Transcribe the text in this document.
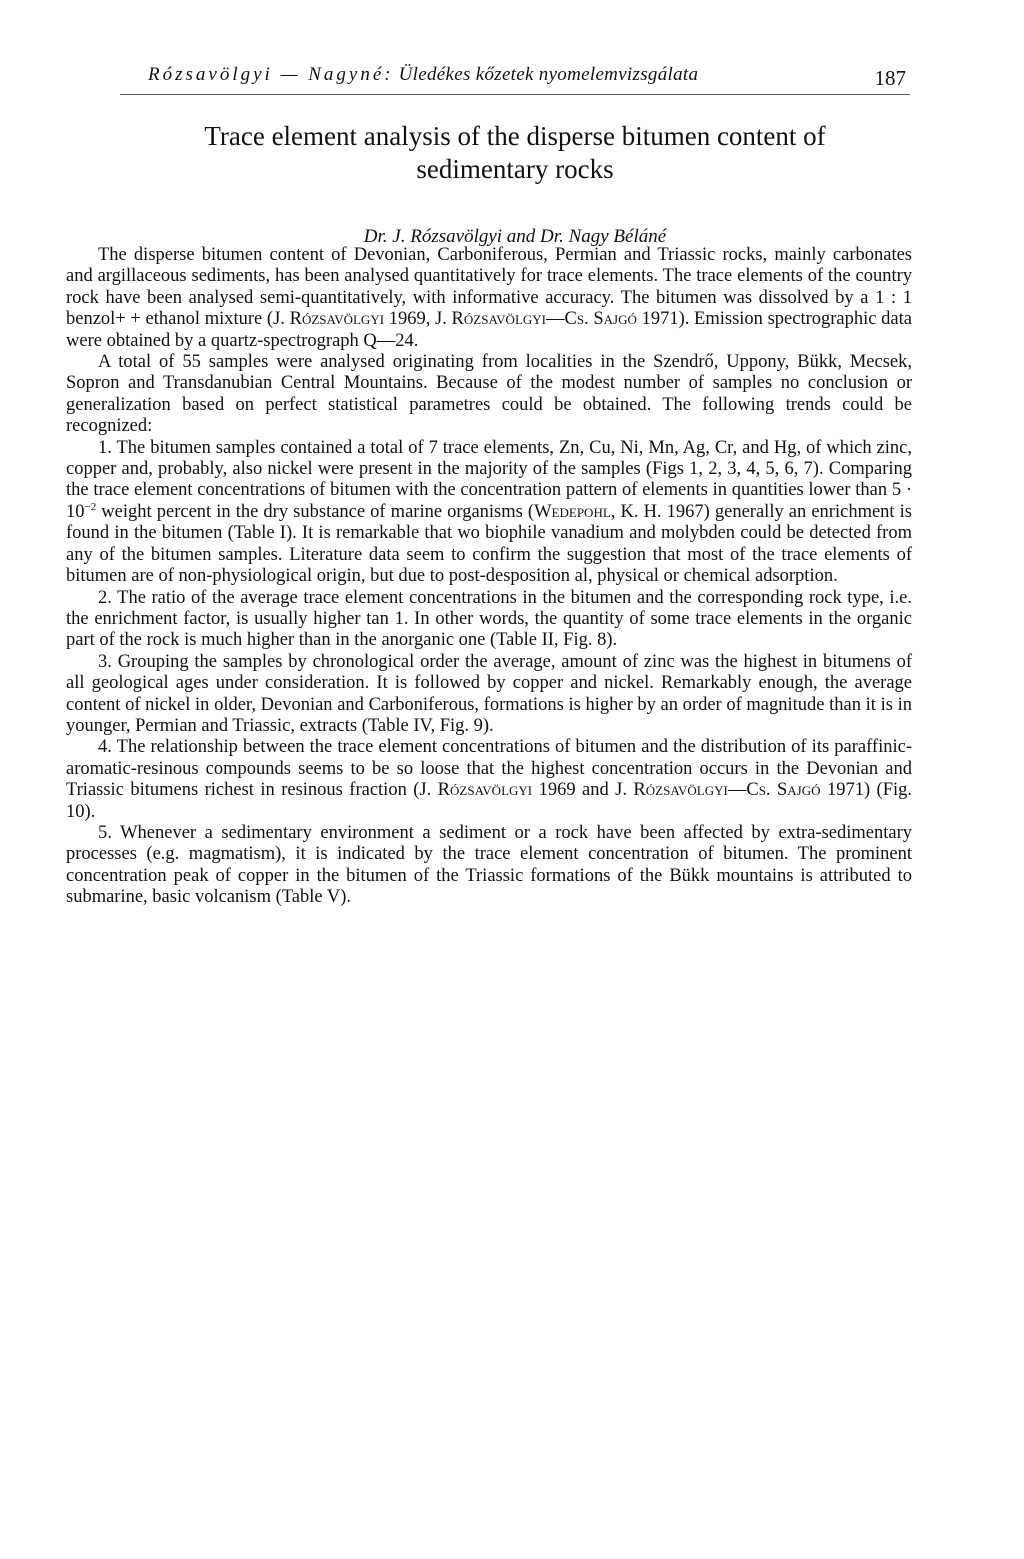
Rózsavölgyi — Nagyné: Üledékes kőzetek nyomelemvizsgálata	187
Trace element analysis of the disperse bitumen content of
sedimentary rocks
Dr. J. Rózsavölgyi and Dr. Nagy Béláné

The disperse bitumen content of Devonian, Carboniferous, Permian and Triassic rocks, mainly carbonates and argillaceous sediments, has been analysed quantitatively for trace elements. The trace elements of the country rock have been analysed semi-quantitatively, with informative accuracy. The bitumen was dissolved by a 1 : 1 benzol+ + ethanol mixture (J. Rózsavölgyi 1969, J. Rózsavölgyi—Cs. Sajgó 1971). Emission spectrographic data were obtained by a quartz-spectrograph Q—24.

A total of 55 samples were analysed originating from localities in the Szendrő, Uppony, Bükk, Mecsek, Sopron and Transdanubian Central Mountains. Because of the modest number of samples no conclusion or generalization based on perfect statistical parametres could be obtained. The following trends could be recognized:

1. The bitumen samples contained a total of 7 trace elements, Zn, Cu, Ni, Mn, Ag, Cr, and Hg, of which zinc, copper and, probably, also nickel were present in the majority of the samples (Figs 1, 2, 3, 4, 5, 6, 7). Comparing the trace element concentrations of bitumen with the concentration pattern of elements in quantities lower than $5 \cdot 10^{-2}$ weight percent in the dry substance of marine organisms (Wedepohl, K. H. 1967) generally an enrichment is found in the bitumen (Table I). It is remarkable that wo biophile vanadium and molybden could be detected from any of the bitumen samples. Literature data seem to confirm the suggestion that most of the trace elements of bitumen are of non-physiological origin, but due to post-desposition al, physical or chemical adsorption.

2. The ratio of the average trace element concentrations in the bitumen and the corresponding rock type, i.e. the enrichment factor, is usually higher tan 1. In other words, the quantity of some trace elements in the organic part of the rock is much higher than in the anorganic one (Table II, Fig. 8).

3. Grouping the samples by chronological order the average, amount of zinc was the highest in bitumens of all geological ages under consideration. It is followed by copper and nickel. Remarkably enough, the average content of nickel in older, Devonian and Carboniferous, formations is higher by an order of magnitude than it is in younger, Permian and Triassic, extracts (Table IV, Fig. 9).

4. The relationship between the trace element concentrations of bitumen and the distribution of its paraffinic-aromatic-resinous compounds seems to be so loose that the highest concentration occurs in the Devonian and Triassic bitumens richest in resinous fraction (J. Rózsavölgyi 1969 and J. Rózsavölgyi—Cs. Sajgó 1971) (Fig. 10).

5. Whenever a sedimentary environment a sediment or a rock have been affected by extra-sedimentary processes (e.g. magmatism), it is indicated by the trace element concentration of bitumen. The prominent concentration peak of copper in the bitumen of the Triassic formations of the Bükk mountains is attributed to submarine, basic volcanism (Table V).
